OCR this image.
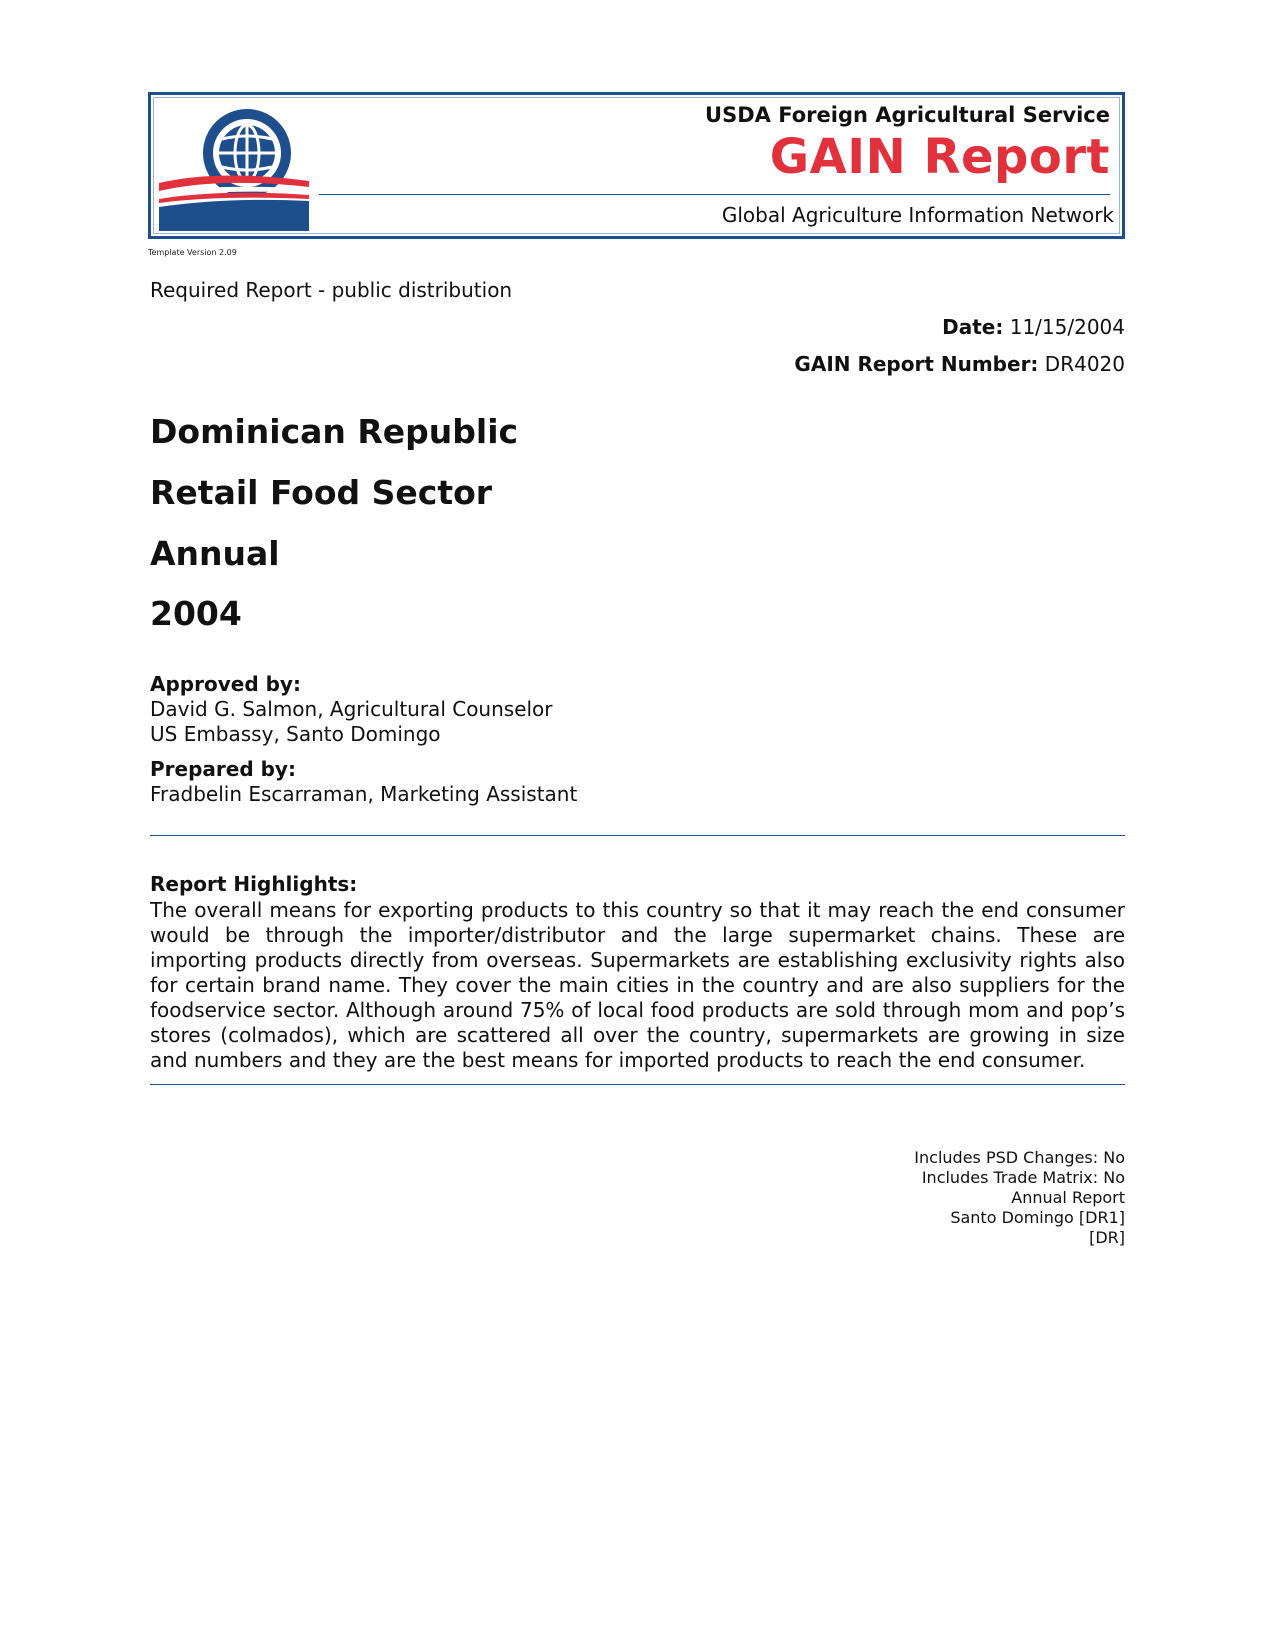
USDA Foreign Agricultural Service
GAIN Report
Global Agriculture Information Network
Template Version 2.09
Required Report - public distribution
Date: 11/15/2004
GAIN Report Number: DR4020
Dominican Republic
Retail Food Sector
Annual
2004
Approved by:
David G. Salmon, Agricultural Counselor
US Embassy, Santo Domingo
Prepared by:
Fradbelin Escarraman, Marketing Assistant
Report Highlights:

The overall means for exporting products to this country so that it may reach the end consumer would be through the importer/distributor and the large supermarket chains. These are importing products directly from overseas. Supermarkets are establishing exclusivity rights also for certain brand name. They cover the main cities in the country and are also suppliers for the foodservice sector. Although around 75% of local food products are sold through mom and pop’s stores (colmados), which are scattered all over the country, supermarkets are growing in size and numbers and they are the best means for imported products to reach the end consumer.

Includes PSD Changes: No
Includes Trade Matrix: No
Annual Report
Santo Domingo [DR1]
[DR]
